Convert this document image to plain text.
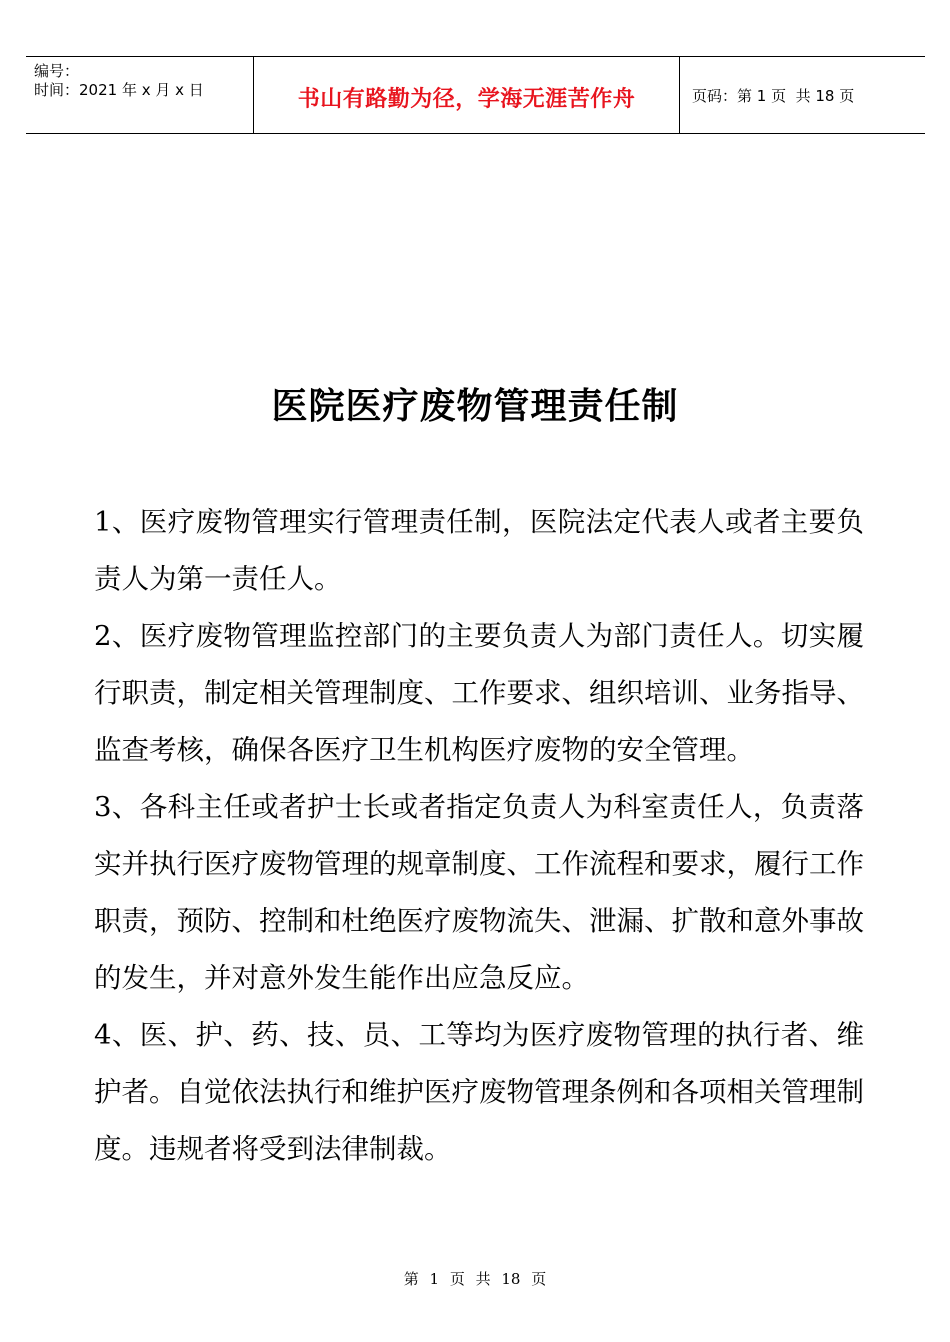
编号：
时间：2021 年 x 月 x 日	书山有路勤为径，学海无涯苦作舟	页码：第 1 页  共 18 页
医院医疗废物管理责任制

1、医疗废物管理实行管理责任制，医院法定代表人或者主要负责人为第一责任人。

2、医疗废物管理监控部门的主要负责人为部门责任人。切实履行职责，制定相关管理制度、工作要求、组织培训、业务指导、监查考核，确保各医疗卫生机构医疗废物的安全管理。

3、各科主任或者护士长或者指定负责人为科室责任人，负责落实并执行医疗废物管理的规章制度、工作流程和要求，履行工作职责，预防、控制和杜绝医疗废物流失、泄漏、扩散和意外事故的发生，并对意外发生能作出应急反应。

4、医、护、药、技、员、工等均为医疗废物管理的执行者、维护者。自觉依法执行和维护医疗废物管理条例和各项相关管理制度。违规者将受到法律制裁。

第 1 页 共 18 页
